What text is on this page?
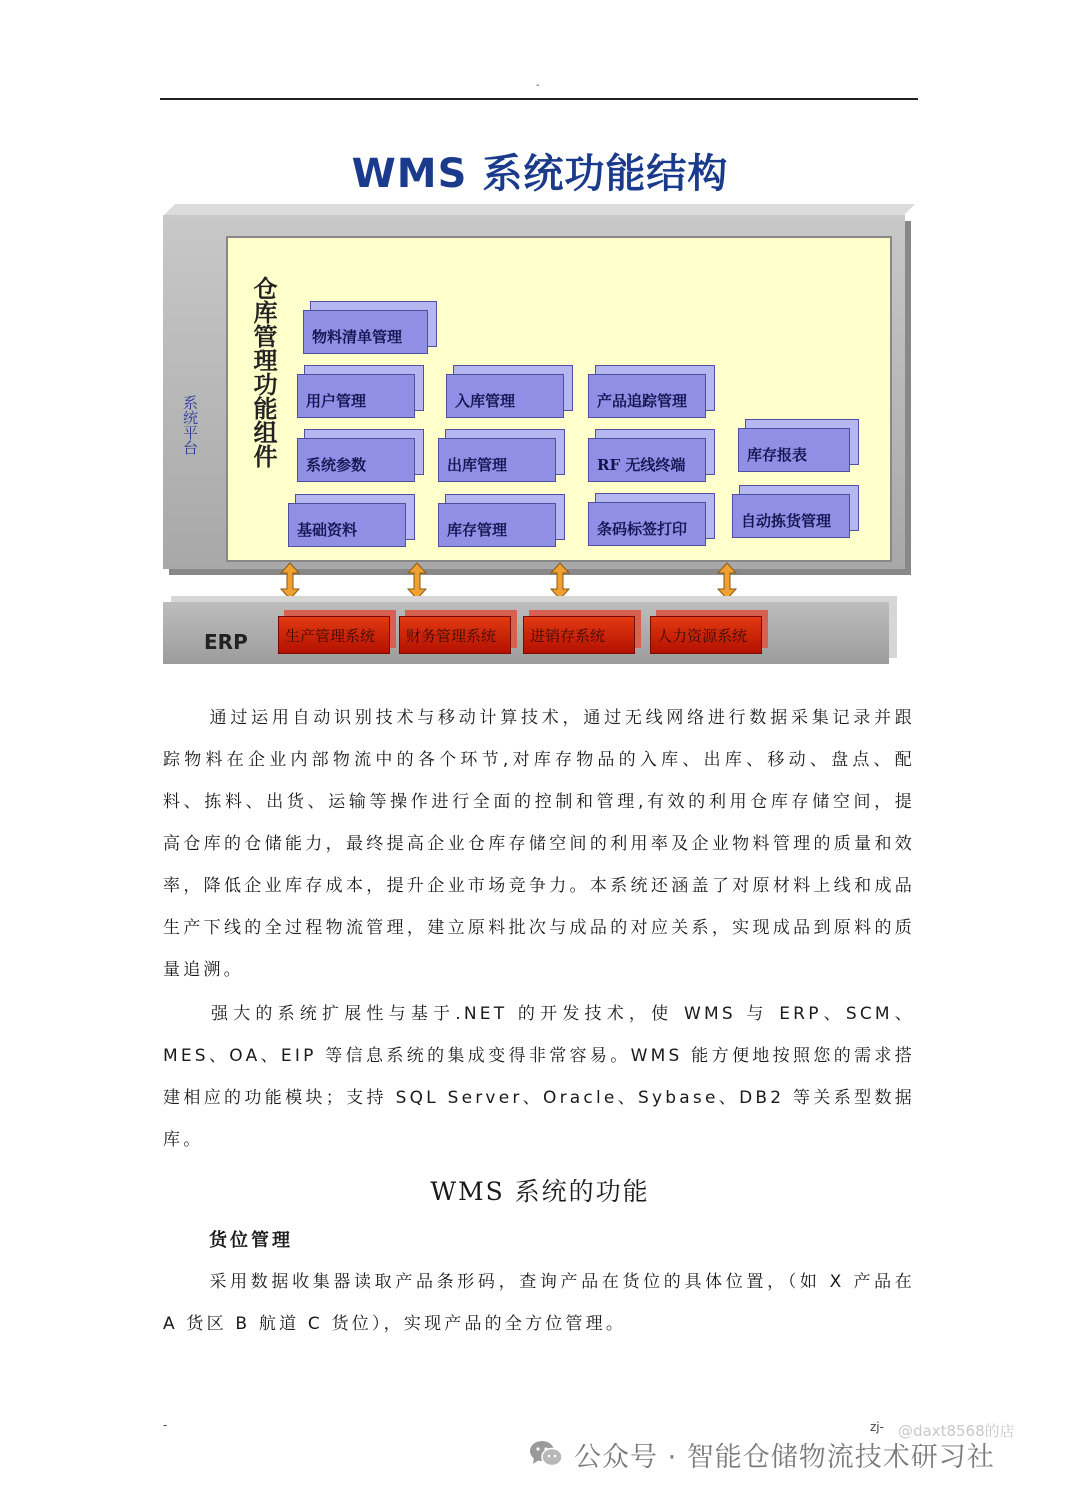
-
WMS 系统功能结构
系统平台 仓库管理功能组件	物料清单管理
用户管理
系统参数
基础资料
入库管理
出库管理
库存管理
产品追踪管理
RF 无线终端
条码标签打印
库存报表
自动拣货管理
ERP	生产管理系统	财务管理系统	进销存系统	人力资源系统
通过运用自动识别技术与移动计算技术，通过无线网络进行数据采集记录并跟踪物料在企业内部物流中的各个环节,对库存物品的入库、出库、移动、盘点、配料、拣料、出货、运输等操作进行全面的控制和管理,有效的利用仓库存储空间，提高仓库的仓储能力，最终提高企业仓库存储空间的利用率及企业物料管理的质量和效率，降低企业库存成本，提升企业市场竞争力。本系统还涵盖了对原材料上线和成品生产下线的全过程物流管理，建立原料批次与成品的对应关系，实现成品到原料的质量追溯。
强大的系统扩展性与基于.NET 的开发技术，使 WMS 与 ERP、SCM、MES、OA、EIP 等信息系统的集成变得非常容易。WMS 能方便地按照您的需求搭建相应的功能模块；支持 SQL Server、Oracle、Sybase、DB2 等关系型数据库。
WMS 系统的功能
货位管理
采用数据收集器读取产品条形码，查询产品在货位的具体位置，（如 X 产品在 A 货区 B 航道 C 货位），实现产品的全方位管理。
-	zj- @daxt8568的店
公众号 · 智能仓储物流技术研习社
